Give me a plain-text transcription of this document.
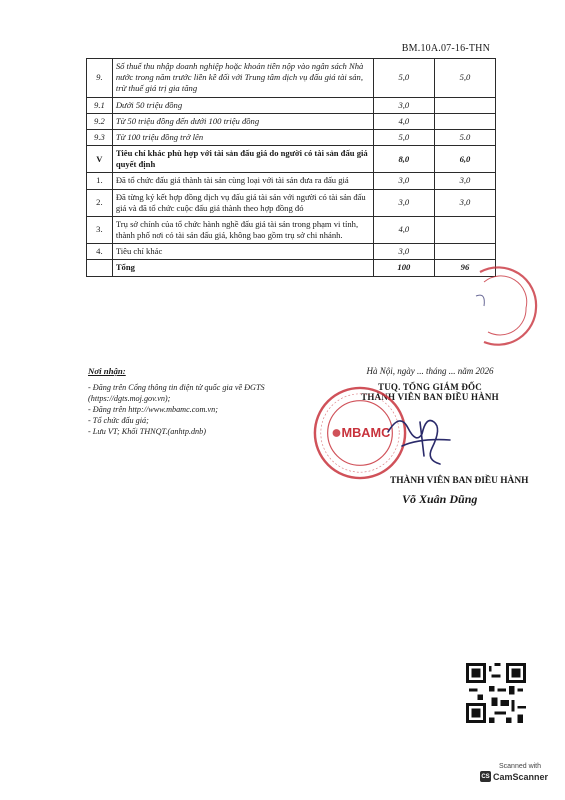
BM.10A.07-16-THN
9.	Số thuế thu nhập doanh nghiệp hoặc khoản tiền nộp vào ngân sách Nhà nước trong năm trước liền kề đối với Trung tâm dịch vụ đấu giá tài sản, trừ thuế giá trị gia tăng	5,0	5,0
9.1	Dưới 50 triệu đồng	3,0	
9.2	Từ 50 triệu đồng đến dưới 100 triệu đồng	4,0	
9.3	Từ 100 triệu đồng trở lên	5,0	5.0
V	Tiêu chí khác phù hợp với tài sản đấu giá do người có tài sản đấu giá quyết định	8,0	6,0
1.	Đã tổ chức đấu giá thành tài sản cùng loại với tài sản đưa ra đấu giá	3,0	3,0
2.	Đã từng ký kết hợp đồng dịch vụ đấu giá tài sản với người có tài sản đấu giá và đã tổ chức cuộc đấu giá thành theo hợp đồng đó	3,0	3,0
3.	Trụ sở chính của tổ chức hành nghề đấu giá tài sản trong phạm vi tỉnh, thành phố nơi có tài sản đấu giá, không bao gồm trụ sở chi nhánh.	4,0	
4.	Tiêu chí khác	3,0	
	Tổng	100	96
Nơi nhận:

- Đăng trên Cổng thông tin điện tử quốc gia về ĐGTS (https://dgts.moj.gov.vn);

- Đăng trên http://www.mbamc.com.vn;

- Tổ chức đấu giá;

- Lưu VT; Khối THNQT.(anhtp.dnb)

Hà Nội, ngày ... tháng ... năm 2026
TUQ. TỔNG GIÁM ĐỐC
THÀNH VIÊN BAN ĐIỀU HÀNH
MBAMC
THÀNH VIÊN BAN ĐIỀU HÀNH
Võ Xuân Dũng
Scanned with
CS CamScanner
